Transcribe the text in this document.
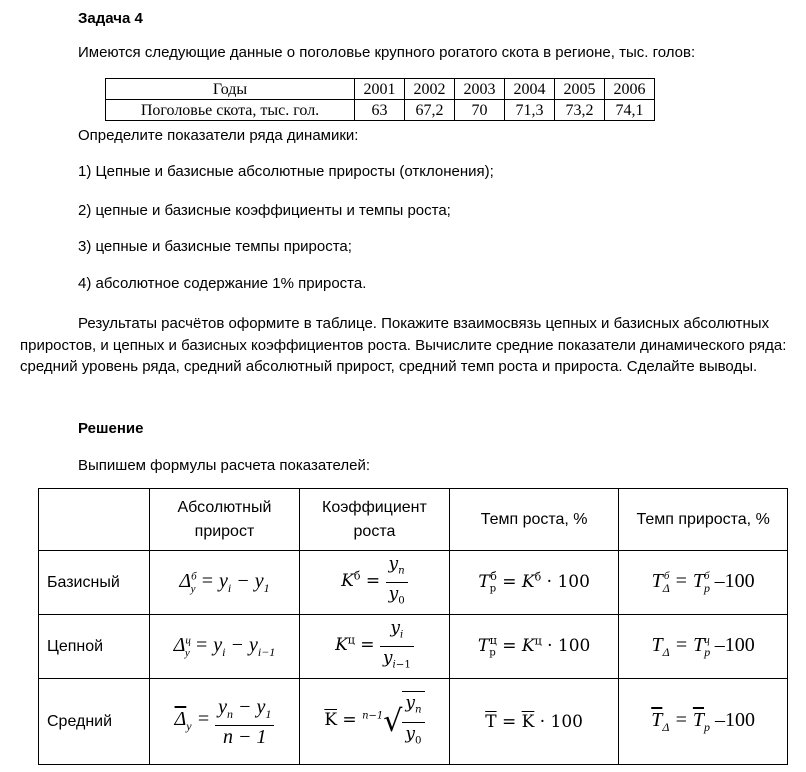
Задача 4
Имеются следующие данные о поголовье крупного рогатого скота в регионе, тыс. голов:
Годы	2001	2002	2003	2004	2005	2006
Поголовье скота, тыс. гол.	63	67,2	70	71,3	73,2	74,1
Определите показатели ряда динамики:
1) Цепные и базисные абсолютные приросты (отклонения);
2) цепные и базисные коэффициенты и темпы роста;
3) цепные и базисные темпы прироста;
4) абсолютное содержание 1% прироста.
Результаты расчётов оформите в таблице. Покажите взаимосвязь цепных и базисных абсолютных приростов, и цепных и базисных коэффициентов роста. Вычислите средние показатели динамического ряда: средний уровень ряда, средний абсолютный прирост, средний темп роста и прироста. Сделайте выводы.
Решение
Выпишем формулы расчета показателей:
	Абсолютный прирост	Коэффициент роста	Темп роста, %	Темп прироста, %
Базисный	$\Delta^б_y = y_i - y_1$	$K^б = \frac{y_n}{y_0}$	$T_р^б = K^б \cdot 100$	$T_\Delta^б = T_p^б$ –100
Цепной	$\Delta^ц_y = y_i - y_{i-1}$	$K^ц = \frac{y_i}{y_{i-1}}$	$T_р^ц = K^ц \cdot 100$	$T_\Delta = T_p^ц$ –100
Средний	$\overline{\Delta}_y = \frac{y_n - y_1}{n - 1}$	$\overline{K} = ^{n-1}√ \frac{y_n}{y_0}$	$\overline{T} = \overline{K} \cdot 100$	$\overline{T}_\Delta = \overline{T}_p$ –100
